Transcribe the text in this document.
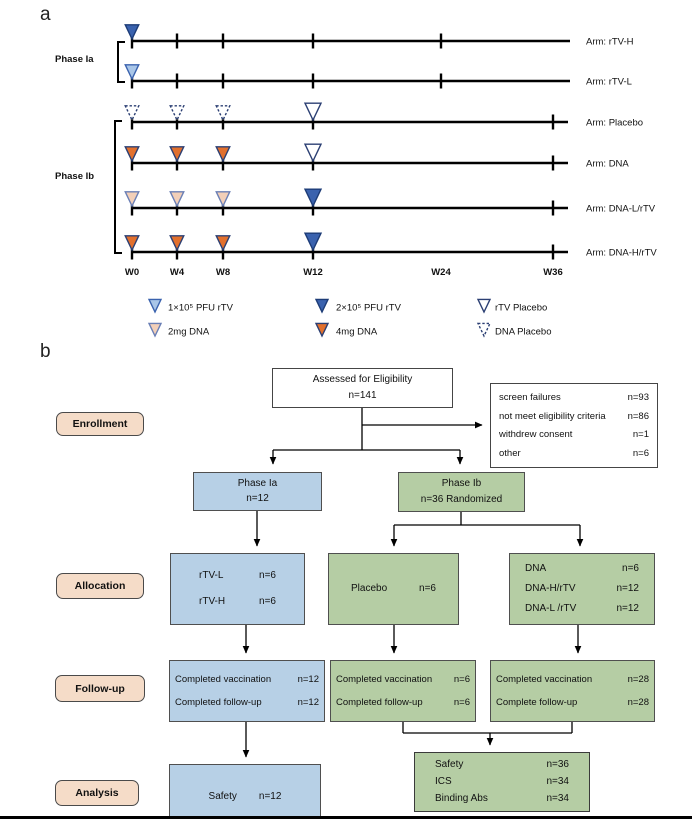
a
Phase Ia
Phase Ib
Arm: rTV-H
Arm: rTV-L
Arm: Placebo
Arm: DNA
Arm: DNA-L/rTV
Arm: DNA-H/rTV
W0	W4	W8	W12	W24	W36
1×10⁵ PFU rTV	2×10⁵ PFU rTV	rTV Placebo
2mg DNA	4mg DNA	DNA Placebo
b
Assessed for Eligibility
n=141	screen failures	n=93
not meet eligibility criteria n=86
withdrew consent	n=1
other	n=6
Enrollment
Allocation
Follow-up
Analysis
Phase Ia
n=12
Phase Ib
n=36 Randomized
rTV-L	n=6
rTV-H	n=6
Placebo	n=6
DNA	n=6
DNA-H/rTV	n=12
DNA-L /rTV	n=12
Completed vaccination	n=12
Completed follow-up	n=12
Completed vaccination n=6
Completed follow-up	n=6
Completed vaccination	n=28
Complete follow-up	n=28
Safety n=12
Safety	n=36
ICS	n=34
Binding Abs	n=34
